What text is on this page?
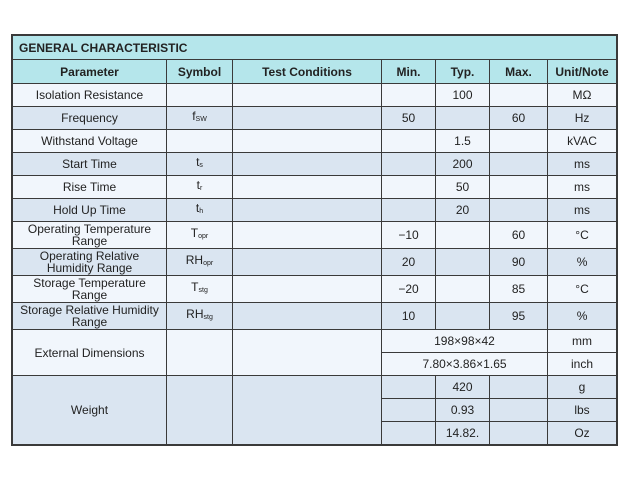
GENERAL CHARACTERISTIC						
Parameter	Symbol	Test Conditions	Min.	Typ.	Max.	Unit/Note
Isolation Resistance				100		MΩ
Frequency	$f_{SW}$		50		60	Hz
Withstand Voltage				1.5		kVAC
Start Time	$t_s$			200		ms
Rise Time	$t_r$			50		ms
Hold Up Time	$t_h$			20		ms
Operating Temperature Range	$T_{opr}$		−10		60	°C
Operating Relative Humidity Range	$RH_{opr}$		20		90	%
Storage Temperature Range	$T_{stg}$		−20		85	°C
Storage Relative Humidity Range	$RH_{stg}$		10		95	%
External Dimensions			198×98×42			mm
			7.80×3.86×1.65			inch
Weight				420		g
				0.93		lbs
				14.82.		Oz
